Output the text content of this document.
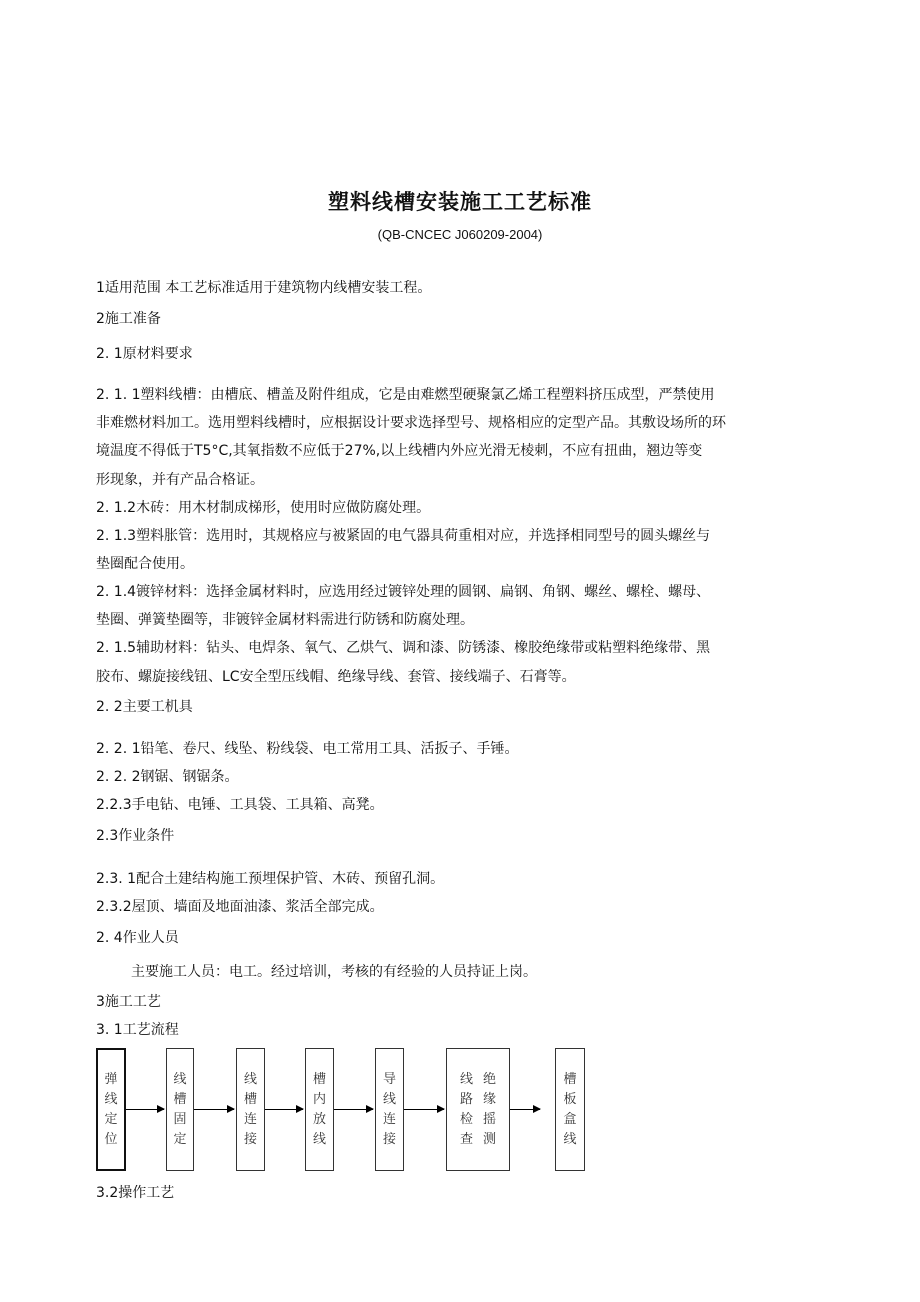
塑料线槽安装施工工艺标准
(QB-CNCEC J060209-2004)
1适用范围 本工艺标准适用于建筑物内线槽安装工程。
2施工准备
2. 1原材料要求
2. 1. 1塑料线槽：由槽底、槽盖及附件组成，它是由难燃型硬聚氯乙烯工程塑料挤压成型，严禁使用
非难燃材料加工。选用塑料线槽时，应根据设计要求选择型号、规格相应的定型产品。其敷设场所的环
境温度不得低于T5°C,其氧指数不应低于27%,以上线槽内外应光滑无棱刺，不应有扭曲，翘边等变
形现象，并有产品合格证。
2. 1.2木砖：用木材制成梯形，使用时应做防腐处理。
2. 1.3塑料胀管：选用时，其规格应与被紧固的电气器具荷重相对应，并选择相同型号的圆头螺丝与
垫圈配合使用。
2. 1.4镀锌材料：选择金属材料时，应选用经过镀锌处理的圆钢、扁钢、角钢、螺丝、螺栓、螺母、
垫圈、弹簧垫圈等，非镀锌金属材料需进行防锈和防腐处理。
2. 1.5辅助材料：钻头、电焊条、氧气、乙烘气、调和漆、防锈漆、橡胶绝缘带或粘塑料绝缘带、黑
胶布、螺旋接线钮、LC安全型压线帽、绝缘导线、套管、接线端子、石膏等。
2. 2主要工机具
2. 2. 1铅笔、卷尺、线坠、粉线袋、电工常用工具、活扳子、手锤。
2. 2. 2钢锯、钢锯条。
2.2.3手电钻、电锤、工具袋、工具箱、高凳。
2.3作业条件
2.3. 1配合土建结构施工预埋保护管、木砖、预留孔洞。
2.3.2屋顶、墙面及地面油漆、浆活全部完成。
2. 4作业人员
主要施工人员：电工。经过培训，考核的有经验的人员持证上岗。
3施工工艺
3. 1工艺流程
弹
线
定
位
线
槽
固
定
线
槽
连
接
槽
内
放
线
导
线
连
接
线
路
检
查
绝
缘
摇
测
槽
板
盒
线
3.2操作工艺
